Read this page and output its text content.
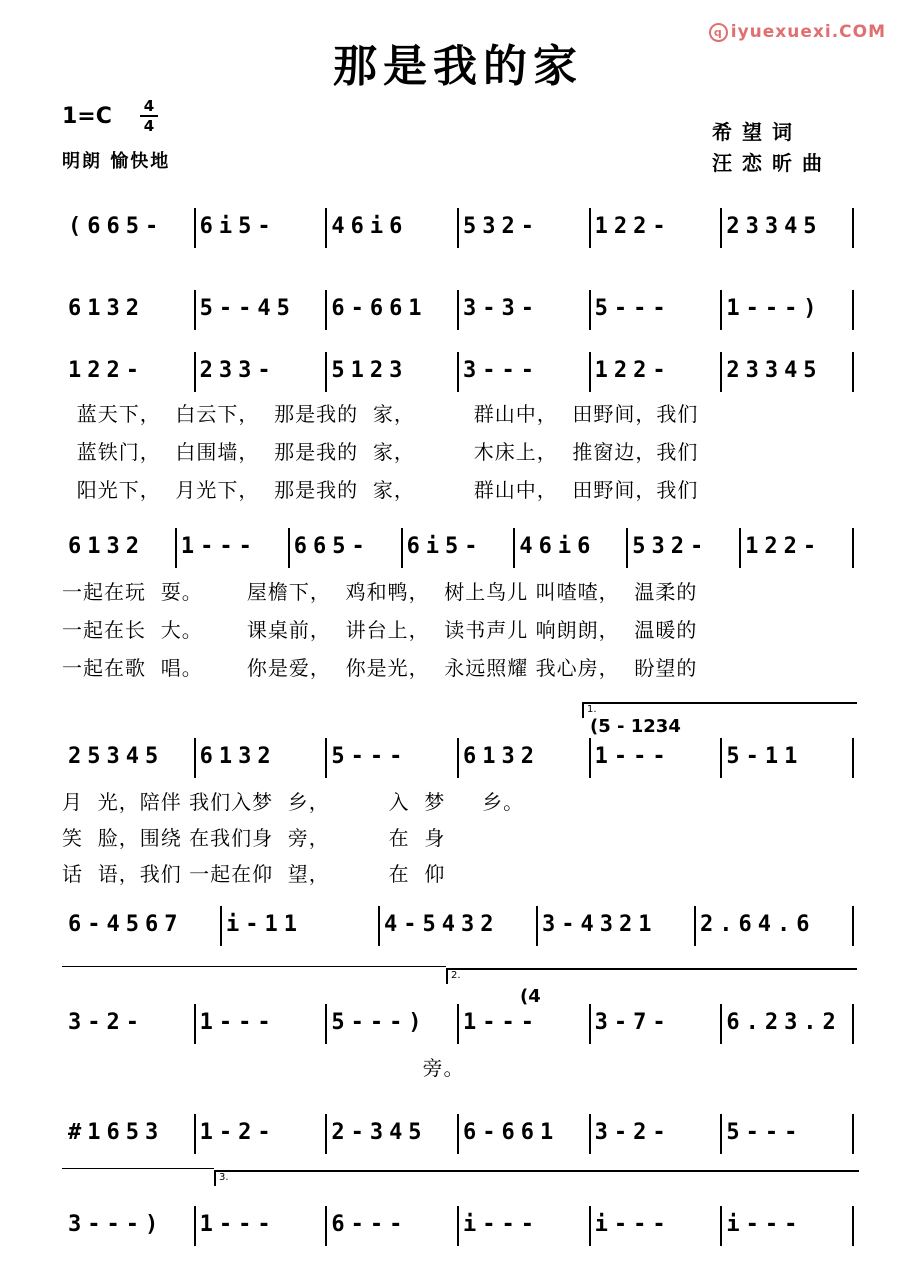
q iyuexuexi.COM
那是我的家
1=C 4
4
明朗 愉快地
希望词
汪恋昕曲
(665- 6i5- 46i6 532- 122- 23345
6132 5--45 6-661 3-3- 5--- 1---)
122- 233- 5123 3--- 122- 23345
6132 1--- 665- 6i5- 46i6 532- 122-
25345 6132 5--- 6132 1--- 5-11
6-4567 i-11	4-5432 3-4321 2.64.6
3-2- 1--- 5---) 1--- 3-7- 6.23.2
#1653 1-2- 2-345 6-661 3-2- 5---
3---) 1--- 6--- i--- i--- i---
蓝天下，  白云下，  那是我的  家，        群山中，  田野间，我们
蓝铁门，  白围墙，  那是我的  家，        木床上，  推窗边，我们
阳光下，  月光下，  那是我的  家，        群山中，  田野间，我们
一起在玩  耍。      屋檐下，  鸡和鸭，  树上鸟儿 叫喳喳，  温柔的
一起在长  大。      课桌前，  讲台上，  读书声儿 响朗朗，  温暖的
一起在歌  唱。      你是爱，  你是光，  永远照耀 我心房，  盼望的
月  光，陪伴 我们入梦  乡，        入  梦     乡。
笑  脸，围绕 在我们身  旁，        在  身
话  语，我们 一起在仰  望，        在  仰
旁。
1.
(5 - 1234
2.
(4
3.
